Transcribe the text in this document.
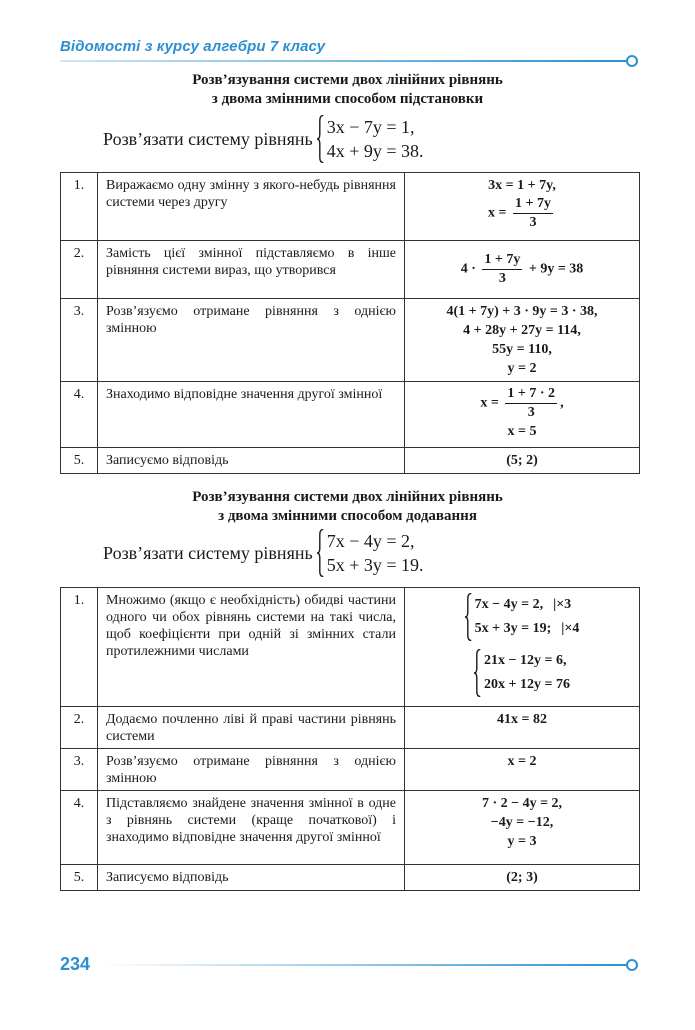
Відомості з курсу алгебри 7 класу
Розв’язування системи двох лінійних рівнянь
з двома змінними способом підстановки
Розв’язати систему рівнянь
3x − 7y = 1,
4x + 9y = 38.
1.	Виражаємо одну змінну з якого-небудь рівняння системи через другу	3x = 1 + 7y,
$x = \frac{1 + 7y}{3}$

2.	Замість цієї змінної підставляємо в інше рівняння системи вираз, що утворився	$4 \cdot \frac{1 + 7y}{3} + 9y = 38$
3.	Розв’язуємо отримане рівняння з однією змінною	4(1 + 7y) + 3 · 9y = 3 · 38,
4 + 28y + 27y = 114,
55y = 110,
y = 2

4.	Знаходимо відповідне значення другої змінної	$x = \frac{1 + 7 \cdot 2}{3}$ ,
x = 5

5.	Записуємо відповідь	(5; 2)
Розв’язування системи двох лінійних рівнянь
з двома змінними способом додавання
Розв’язати систему рівнянь
7x − 4y = 2,
5x + 3y = 19.
1.	Множимо (якщо є необхідність) обидві частини одного чи обох рівнянь системи на такі числа, щоб коефіцієнти при одній зі змінних стали протилежними числами	7x − 4y = 2, |×3
5x + 3y = 19; |×4

21x − 12y = 6,
20x + 12y = 76

2.	Додаємо почленно ліві й праві частини рівнянь системи	41x = 82
3.	Розв’язуємо отримане рівняння з однією змінною	x = 2
4.	Підставляємо знайдене значення змінної в одне з рівнянь системи (краще початкової) і знаходимо відповідне значення другої змінної	7 · 2 − 4y = 2,
−4y = −12,
y = 3

5.	Записуємо відповідь	(2; 3)
234
